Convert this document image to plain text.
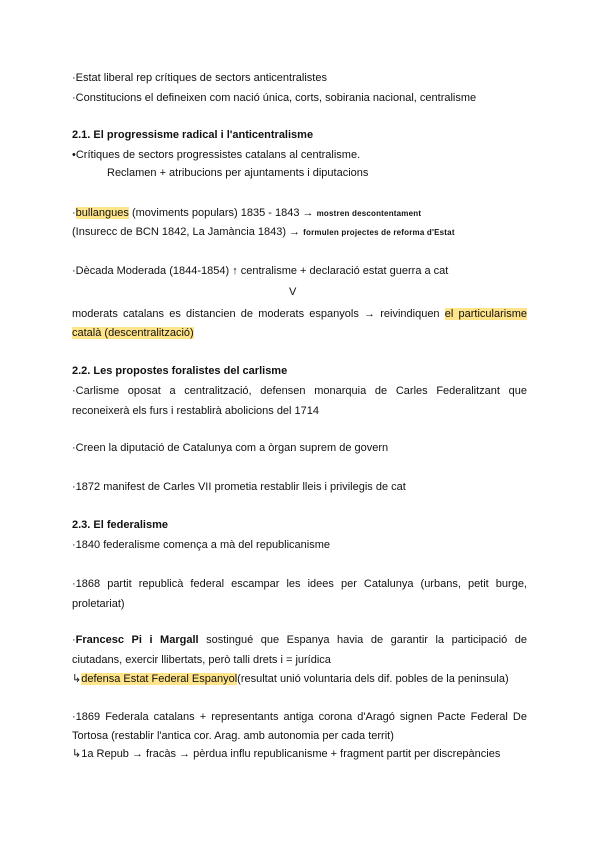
·Estat liberal rep crítiques de sectors anticentralistes
·Constitucions el defineixen com nació única, corts, sobirania nacional, centralisme
2.1. El progressisme radical i l'anticentralisme
•Crítiques de sectors progressistes catalans al centralisme.
Reclamen + atribucions per ajuntaments i diputacions
·bullangues (moviments populars) 1835 - 1843 → mostren descontentament
(Insurecc de BCN 1842, La Jamància 1843) → formulen projectes de reforma d'Estat
·Dècada Moderada (1844-1854) ↑ centralisme + declaració estat guerra a cat
V
moderats catalans es distancien de moderats espanyols → reivindiquen el particularisme
català (descentralització)
2.2. Les propostes foralistes del carlisme
·Carlisme oposat a centralització, defensen monarquia de Carles Federalitzant que
reconeixerà els furs i restablirà abolicions del 1714
·Creen la diputació de Catalunya com a òrgan suprem de govern
·1872 manifest de Carles VII prometia restablir lleis i privilegis de cat
2.3. El federalisme
·1840 federalisme comença a mà del republicanisme
·1868 partit republicà federal escampar les idees per Catalunya (urbans, petit burge,
proletariat)
·Francesc Pi i Margall sostingué que Espanya havia de garantir la participació de
ciutadans, exercir llibertats, però talli drets i = jurídica
↳defensa Estat Federal Espanyol(resultat unió voluntaria dels dif. pobles de la peninsula)
·1869 Federala catalans + representants antiga corona d'Aragó signen Pacte Federal De
Tortosa (restablir l'antica cor. Arag. amb autonomia per cada territ)
↳1a Repub → fracàs → pèrdua influ republicanisme + fragment partit per discrepàncies
